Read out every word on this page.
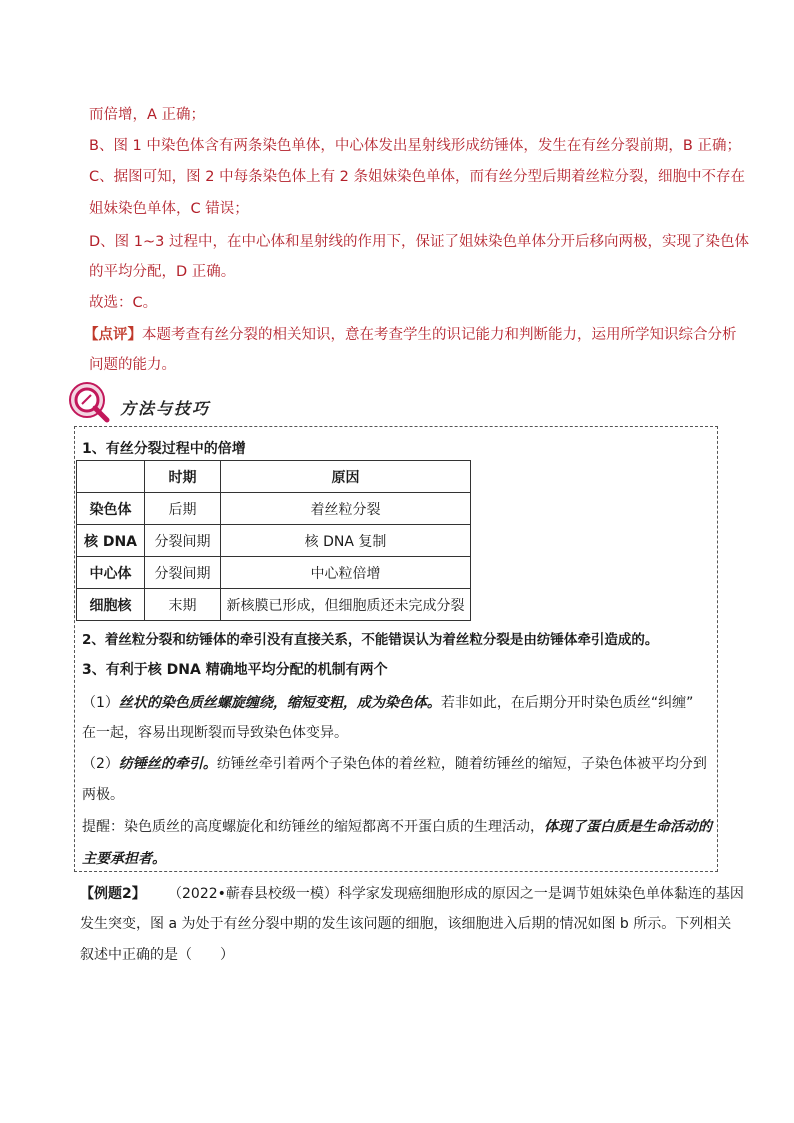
而倍增，A 正确；
B、图 1 中染色体含有两条染色单体，中心体发出星射线形成纺锤体，发生在有丝分裂前期，B 正确；
C、据图可知，图 2 中每条染色体上有 2 条姐妹染色单体，而有丝分型后期着丝粒分裂，细胞中不存在
姐妹染色单体，C 错误；
D、图 1~3 过程中，在中心体和星射线的作用下，保证了姐妹染色单体分开后移向两极，实现了染色体
的平均分配，D 正确。
故选：C。
【点评】本题考查有丝分裂的相关知识，意在考查学生的识记能力和判断能力，运用所学知识综合分析
问题的能力。
方法与技巧
1、有丝分裂过程中的倍增
	时期	原因
染色体	后期	着丝粒分裂
核 DNA	分裂间期	核 DNA 复制
中心体	分裂间期	中心粒倍增
细胞核	末期	新核膜已形成，但细胞质还未完成分裂
2、着丝粒分裂和纺锤体的牵引没有直接关系，不能错误认为着丝粒分裂是由纺锤体牵引造成的。
3、有利于核 DNA 精确地平均分配的机制有两个
（1）丝状的染色质丝螺旋缠绕，缩短变粗，成为染色体。若非如此，在后期分开时染色质丝“纠缠”
在一起，容易出现断裂而导致染色体变异。
（2）纺锤丝的牵引。纺锤丝牵引着两个子染色体的着丝粒，随着纺锤丝的缩短，子染色体被平均分到
两极。
提醒：染色质丝的高度螺旋化和纺锤丝的缩短都离不开蛋白质的生理活动，体现了蛋白质是生命活动的
主要承担者。
【例题2】 （2022•蕲春县校级一模）科学家发现癌细胞形成的原因之一是调节姐妹染色单体黏连的基因
发生突变，图 a 为处于有丝分裂中期的发生该问题的细胞，该细胞进入后期的情况如图 b 所示。下列相关
叙述中正确的是（　　）
